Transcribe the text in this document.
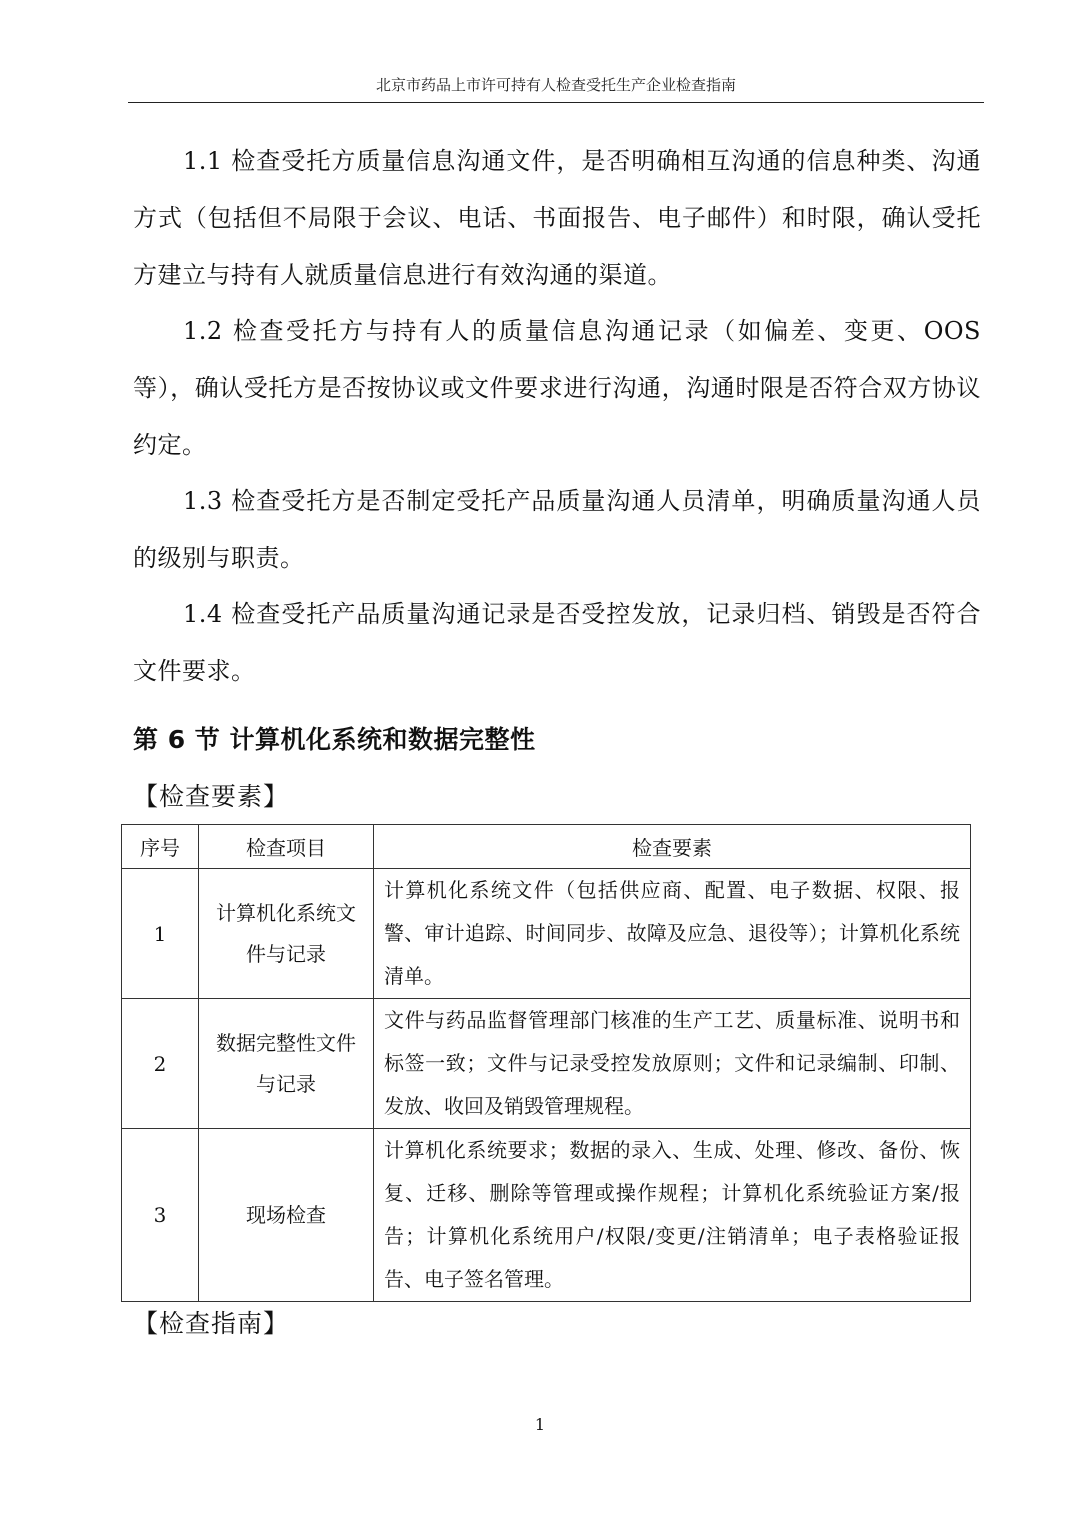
北京市药品上市许可持有人检查受托生产企业检查指南

1.1 检查受托方质量信息沟通文件，是否明确相互沟通的信息种类、沟通方式（包括但不局限于会议、电话、书面报告、电子邮件）和时限，确认受托方建立与持有人就质量信息进行有效沟通的渠道。

1.2 检查受托方与持有人的质量信息沟通记录（如偏差、变更、OOS 等），确认受托方是否按协议或文件要求进行沟通，沟通时限是否符合双方协议约定。

1.3 检查受托方是否制定受托产品质量沟通人员清单，明确质量沟通人员的级别与职责。

1.4 检查受托产品质量沟通记录是否受控发放，记录归档、销毁是否符合文件要求。

第 6 节 计算机化系统和数据完整性
【检查要素】
序号	检查项目	检查要素
1	计算机化系统文件与记录	计算机化系统文件（包括供应商、配置、电子数据、权限、报警、审计追踪、时间同步、故障及应急、退役等）；计算机化系统清单。
2	数据完整性文件与记录	文件与药品监督管理部门核准的生产工艺、质量标准、说明书和标签一致；文件与记录受控发放原则；文件和记录编制、印制、发放、收回及销毁管理规程。
3	现场检查	计算机化系统要求；数据的录入、生成、处理、修改、备份、恢复、迁移、删除等管理或操作规程；计算机化系统验证方案/报告；计算机化系统用户/权限/变更/注销清单；电子表格验证报告、电子签名管理。
【检查指南】
1
